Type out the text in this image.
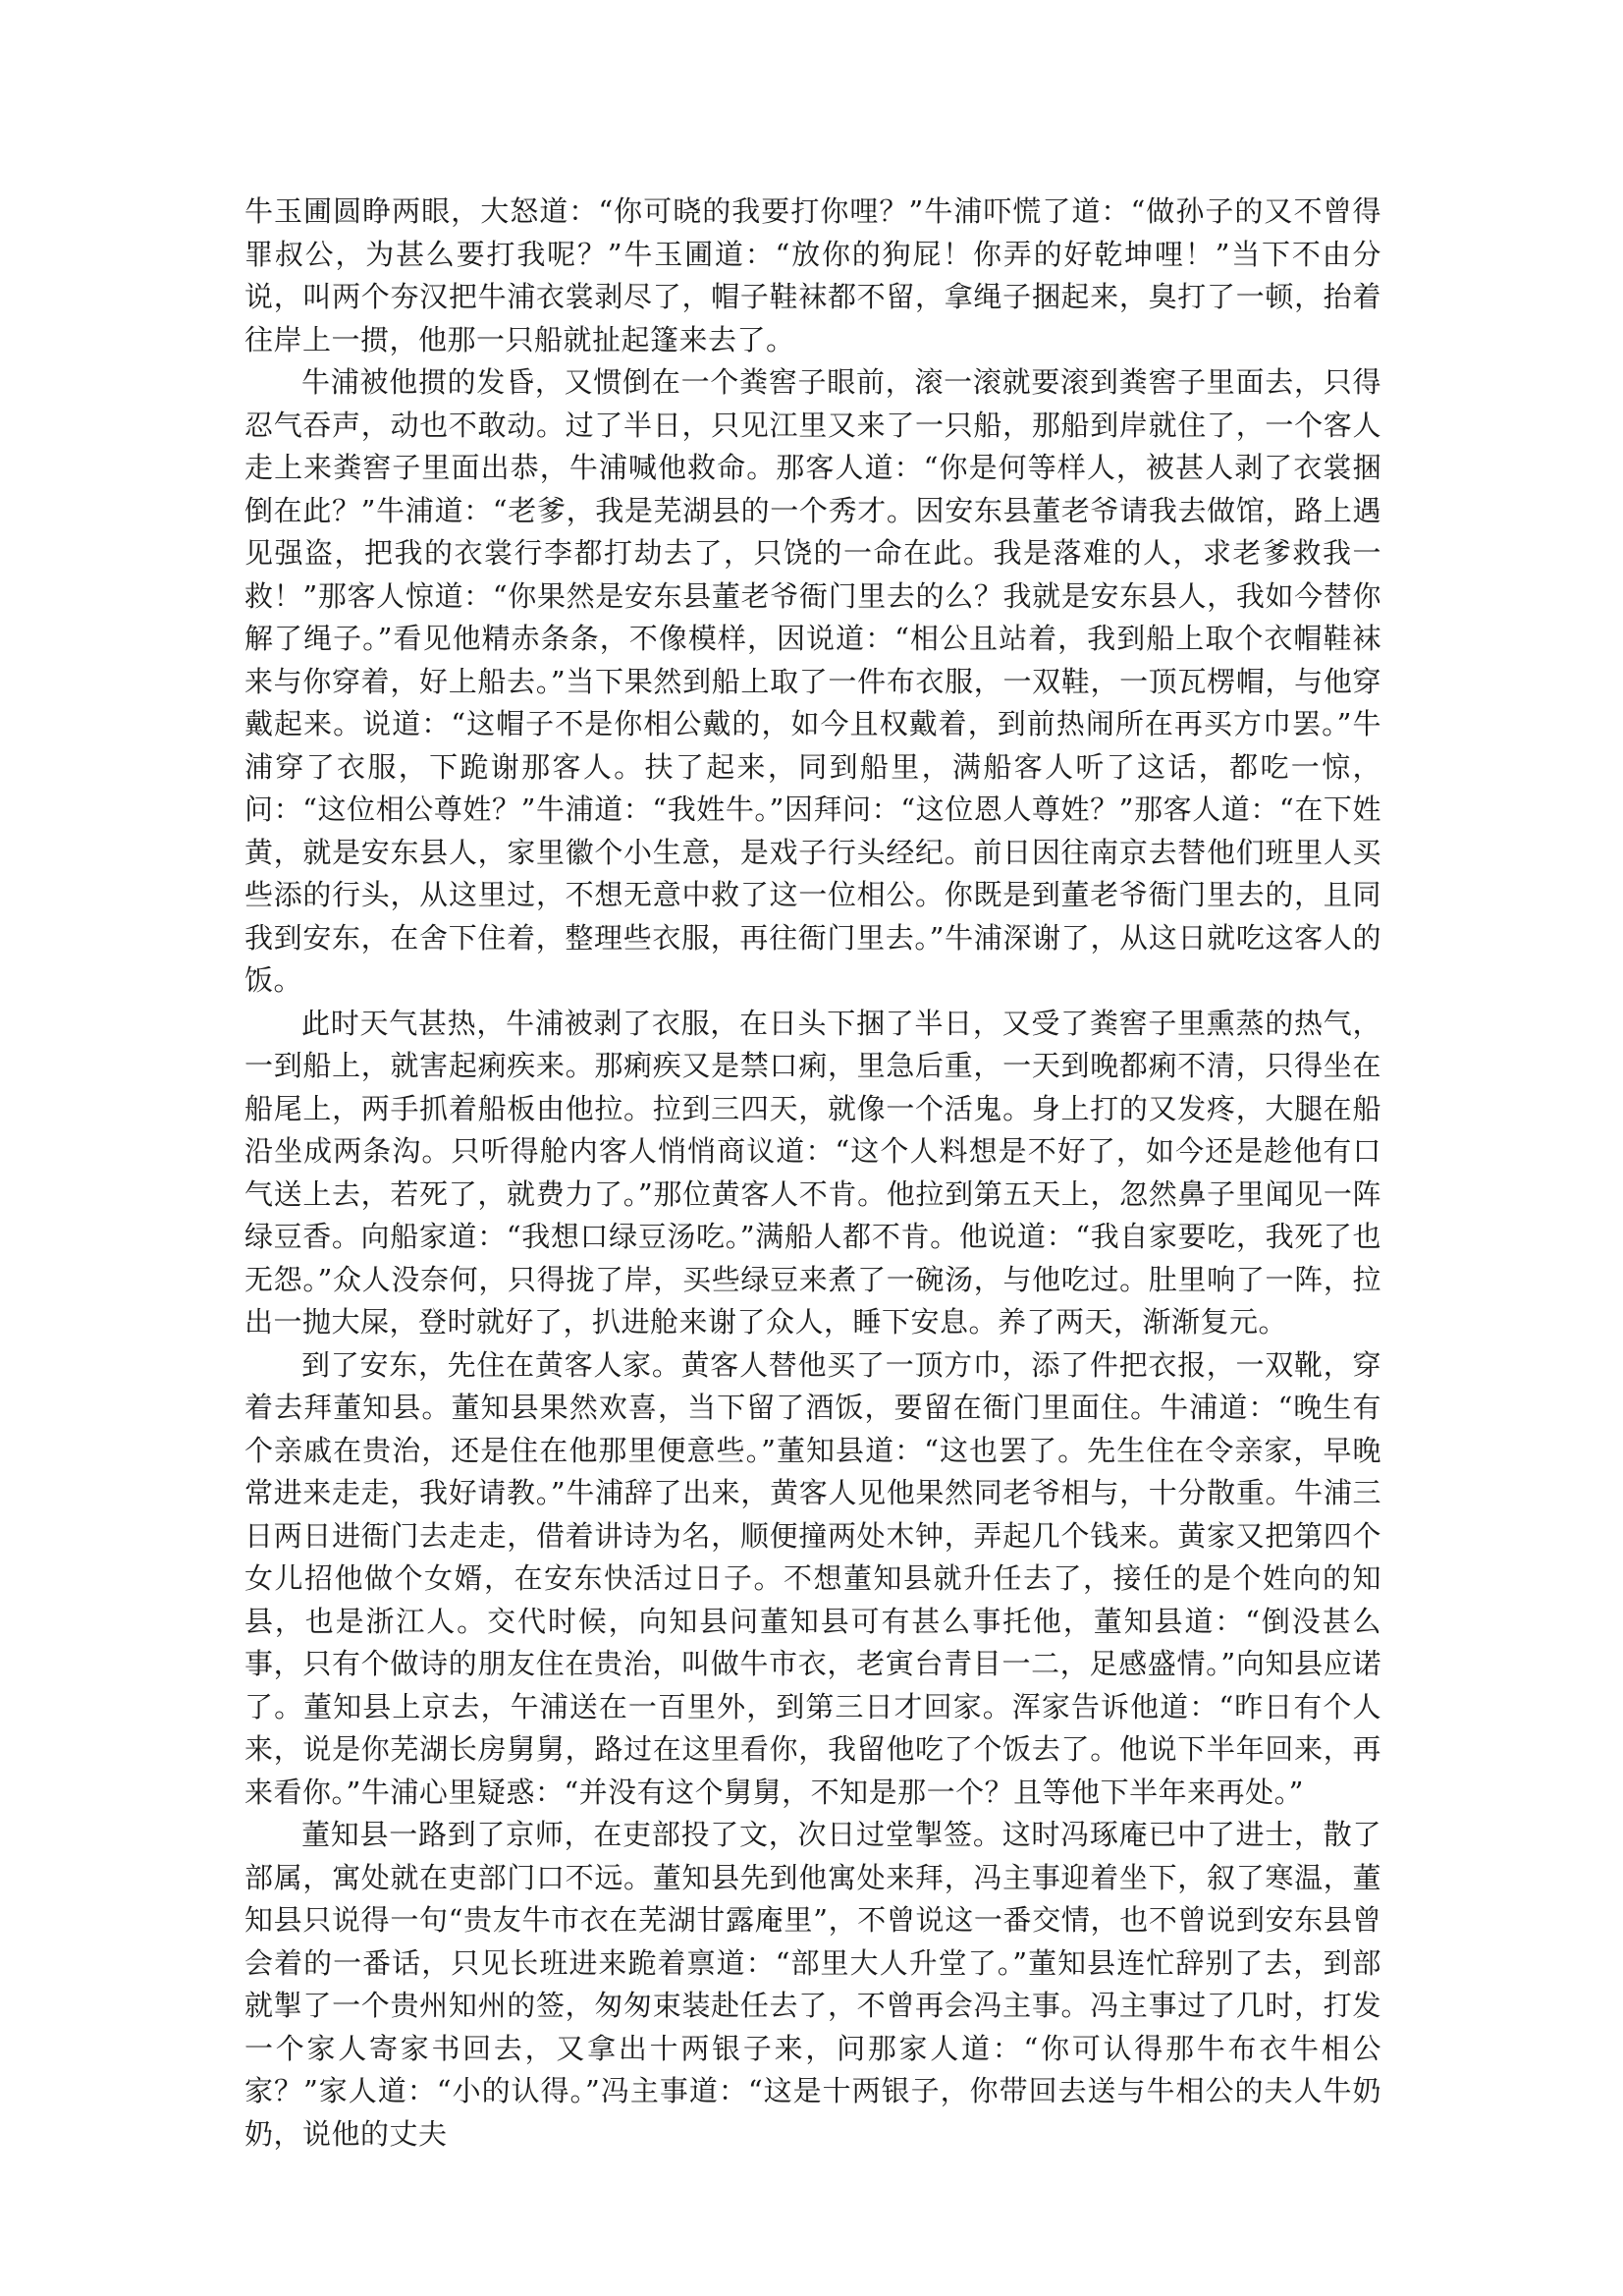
牛玉圃圆睁两眼，大怒道：“你可晓的我要打你哩？”牛浦吓慌了道：“做孙子的又不曾得罪叔公，为甚么要打我呢？”牛玉圃道：“放你的狗屁！你弄的好乾坤哩！”当下不由分说，叫两个夯汉把牛浦衣裳剥尽了，帽子鞋袜都不留，拿绳子捆起来，臭打了一顿，抬着往岸上一掼，他那一只船就扯起篷来去了。

牛浦被他掼的发昏，又惯倒在一个粪窖子眼前，滚一滚就要滚到粪窖子里面去，只得忍气吞声，动也不敢动。过了半日，只见江里又来了一只船，那船到岸就住了，一个客人走上来粪窖子里面出恭，牛浦喊他救命。那客人道：“你是何等样人，被甚人剥了衣裳捆倒在此？”牛浦道：“老爹，我是芜湖县的一个秀才。因安东县董老爷请我去做馆，路上遇见强盗，把我的衣裳行李都打劫去了，只饶的一命在此。我是落难的人，求老爹救我一救！”那客人惊道：“你果然是安东县董老爷衙门里去的么？我就是安东县人，我如今替你解了绳子。”看见他精赤条条，不像模样，因说道：“相公且站着，我到船上取个衣帽鞋袜来与你穿着，好上船去。”当下果然到船上取了一件布衣服，一双鞋，一顶瓦楞帽，与他穿戴起来。说道：“这帽子不是你相公戴的，如今且权戴着，到前热闹所在再买方巾罢。”牛浦穿了衣服，下跪谢那客人。扶了起来，同到船里，满船客人听了这话，都吃一惊，问：“这位相公尊姓？”牛浦道：“我姓牛。”因拜问：“这位恩人尊姓？”那客人道：“在下姓黄，就是安东县人，家里徽个小生意，是戏子行头经纪。前日因往南京去替他们班里人买些添的行头，从这里过，不想无意中救了这一位相公。你既是到董老爷衙门里去的，且同我到安东，在舍下住着，整理些衣服，再往衙门里去。”牛浦深谢了，从这日就吃这客人的饭。

此时天气甚热，牛浦被剥了衣服，在日头下捆了半日，又受了粪窖子里熏蒸的热气，一到船上，就害起痢疾来。那痢疾又是禁口痢，里急后重，一天到晚都痢不清，只得坐在船尾上，两手抓着船板由他拉。拉到三四天，就像一个活鬼。身上打的又发疼，大腿在船沿坐成两条沟。只听得舱内客人悄悄商议道：“这个人料想是不好了，如今还是趁他有口气送上去，若死了，就费力了。”那位黄客人不肯。他拉到第五天上，忽然鼻子里闻见一阵绿豆香。向船家道：“我想口绿豆汤吃。”满船人都不肯。他说道：“我自家要吃，我死了也无怨。”众人没奈何，只得拢了岸，买些绿豆来煮了一碗汤，与他吃过。肚里响了一阵，拉出一抛大屎，登时就好了，扒进舱来谢了众人，睡下安息。养了两天，渐渐复元。

到了安东，先住在黄客人家。黄客人替他买了一顶方巾，添了件把衣报，一双靴，穿着去拜董知县。董知县果然欢喜，当下留了酒饭，要留在衙门里面住。牛浦道：“晚生有个亲戚在贵治，还是住在他那里便意些。”董知县道：“这也罢了。先生住在令亲家，早晚常进来走走，我好请教。”牛浦辞了出来，黄客人见他果然同老爷相与，十分散重。牛浦三日两日进衙门去走走，借着讲诗为名，顺便撞两处木钟，弄起几个钱来。黄家又把第四个女儿招他做个女婿，在安东快活过日子。不想董知县就升任去了，接任的是个姓向的知县，也是浙江人。交代时候，向知县问董知县可有甚么事托他，董知县道：“倒没甚么事，只有个做诗的朋友住在贵治，叫做牛市衣，老寅台青目一二，足感盛情。”向知县应诺了。董知县上京去，午浦送在一百里外，到第三日才回家。浑家告诉他道：“昨日有个人来，说是你芜湖长房舅舅，路过在这里看你，我留他吃了个饭去了。他说下半年回来，再来看你。”牛浦心里疑惑：“并没有这个舅舅，不知是那一个？且等他下半年来再处。”

董知县一路到了京师，在吏部投了文，次日过堂掣签。这时冯琢庵已中了进士，散了部属，寓处就在吏部门口不远。董知县先到他寓处来拜，冯主事迎着坐下，叙了寒温，董知县只说得一句“贵友牛市衣在芜湖甘露庵里”，不曾说这一番交情，也不曾说到安东县曾会着的一番话，只见长班进来跪着禀道：“部里大人升堂了。”董知县连忙辞别了去，到部就掣了一个贵州知州的签，匆匆束装赴任去了，不曾再会冯主事。冯主事过了几时，打发一个家人寄家书回去，又拿出十两银子来，问那家人道：“你可认得那牛布衣牛相公家？”家人道：“小的认得。”冯主事道：“这是十两银子，你带回去送与牛相公的夫人牛奶奶，说他的丈夫
